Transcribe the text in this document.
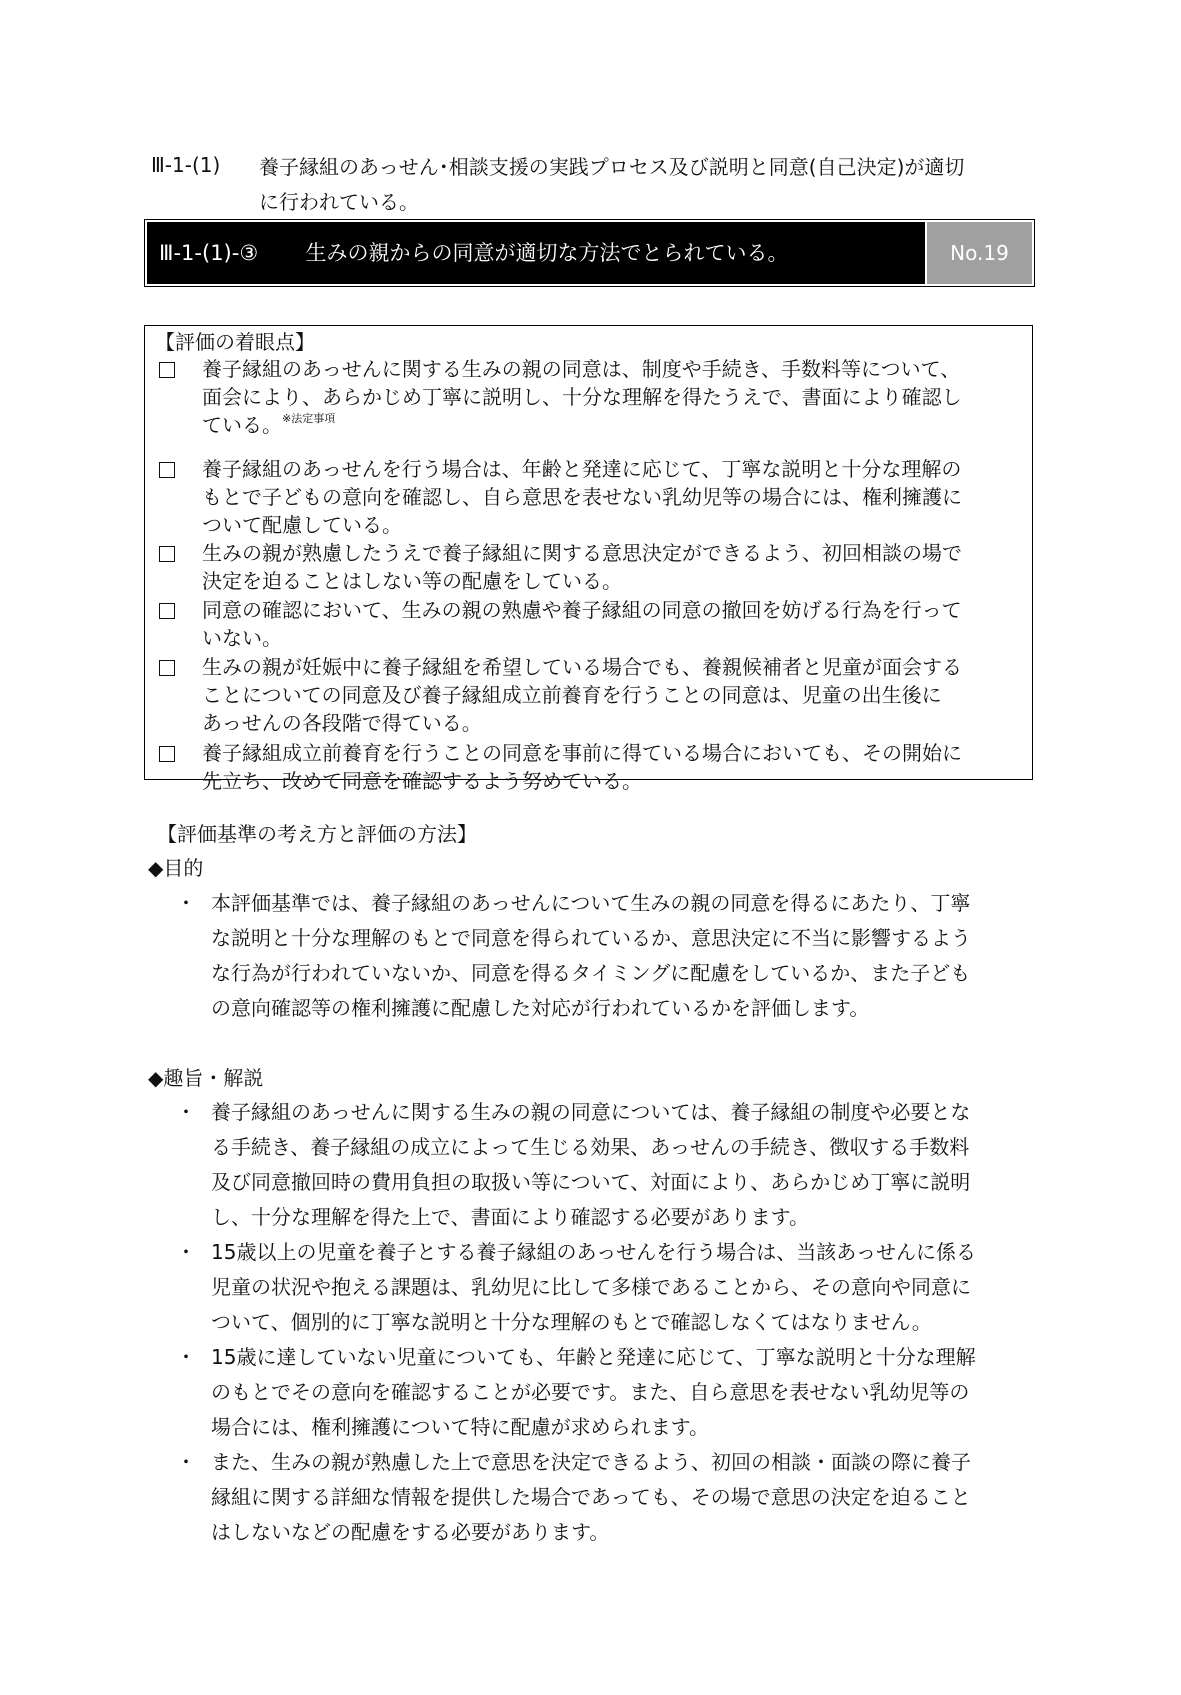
Ⅲ-1-(1) 養子縁組のあっせん･相談支援の実践プロセス及び説明と同意(自己決定)が適切
に行われている。
Ⅲ-1-(1)-③ 生みの親からの同意が適切な方法でとられている。	No.19
【評価の着眼点】
養子縁組のあっせんに関する生みの親の同意は、制度や手続き、手数料等について、
面会により、あらかじめ丁寧に説明し、十分な理解を得たうえで、書面により確認し
ている。$^{※法定事項}$
養子縁組のあっせんを行う場合は、年齢と発達に応じて、丁寧な説明と十分な理解の
もとで子どもの意向を確認し、自ら意思を表せない乳幼児等の場合には、権利擁護に
ついて配慮している。
生みの親が熟慮したうえで養子縁組に関する意思決定ができるよう、初回相談の場で
決定を迫ることはしない等の配慮をしている。
同意の確認において、生みの親の熟慮や養子縁組の同意の撤回を妨げる行為を行って
いない。
生みの親が妊娠中に養子縁組を希望している場合でも、養親候補者と児童が面会する
ことについての同意及び養子縁組成立前養育を行うことの同意は、児童の出生後に
あっせんの各段階で得ている。
養子縁組成立前養育を行うことの同意を事前に得ている場合においても、その開始に
先立ち、改めて同意を確認するよう努めている。
【評価基準の考え方と評価の方法】
◆目的
・ 本評価基準では、養子縁組のあっせんについて生みの親の同意を得るにあたり、丁寧
な説明と十分な理解のもとで同意を得られているか、意思決定に不当に影響するよう
な行為が行われていないか、同意を得るタイミングに配慮をしているか、また子ども
の意向確認等の権利擁護に配慮した対応が行われているかを評価します。
◆趣旨・解説
・ 養子縁組のあっせんに関する生みの親の同意については、養子縁組の制度や必要とな
る手続き、養子縁組の成立によって生じる効果、あっせんの手続き、徴収する手数料
及び同意撤回時の費用負担の取扱い等について、対面により、あらかじめ丁寧に説明
し、十分な理解を得た上で、書面により確認する必要があります。
・ 15歳以上の児童を養子とする養子縁組のあっせんを行う場合は、当該あっせんに係る
児童の状況や抱える課題は、乳幼児に比して多様であることから、その意向や同意に
ついて、個別的に丁寧な説明と十分な理解のもとで確認しなくてはなりません。
・ 15歳に達していない児童についても、年齢と発達に応じて、丁寧な説明と十分な理解
のもとでその意向を確認することが必要です。また、自ら意思を表せない乳幼児等の
場合には、権利擁護について特に配慮が求められます。
・ また、生みの親が熟慮した上で意思を決定できるよう、初回の相談・面談の際に養子
縁組に関する詳細な情報を提供した場合であっても、その場で意思の決定を迫ること
はしないなどの配慮をする必要があります。
